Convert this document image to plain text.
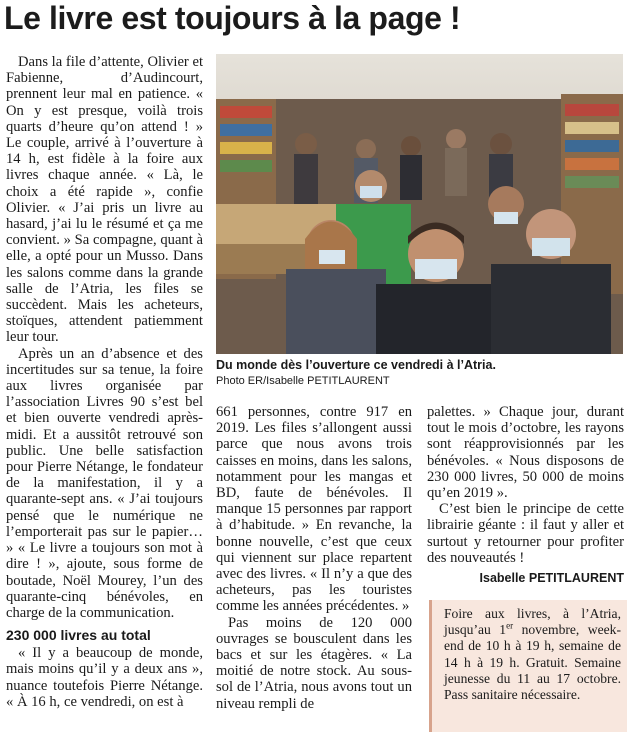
Le livre est toujours à la page !

Dans la file d’attente, Olivier et Fabienne, d’Audincourt, prennent leur mal en patience. « On y est presque, voilà trois quarts d’heure qu’on attend ! » Le couple, arrivé à l’ouverture à 14 h, est fidèle à la foire aux livres chaque année. « Là, le choix a été rapide », confie Olivier. « J’ai pris un livre au hasard, j’ai lu le résumé et ça me convient. » Sa compagne, quant à elle, a opté pour un Musso. Dans les salons comme dans la grande salle de l’Atria, les files se succèdent. Mais les acheteurs, stoïques, attendent patiemment leur tour.

Après un an d’absence et des incertitudes sur sa tenue, la foire aux livres organisée par l’association Livres 90 s’est bel et bien ouverte vendredi après-midi. Et a aussitôt retrouvé son public. Une belle satisfaction pour Pierre Nétange, le fondateur de la manifestation, il y a quarante-sept ans. « J’ai toujours pensé que le numérique ne l’emporterait pas sur le papier… » « Le livre a toujours son mot à dire ! », ajoute, sous forme de boutade, Noël Mourey, l’un des quarante-cinq bénévoles, en charge de la communication.

230 000 livres au total

« Il y a beaucoup de monde, mais moins qu’il y a deux ans », nuance toutefois Pierre Nétange. « À 16 h, ce vendredi, on est à

Du monde dès l’ouverture ce vendredi à l’Atria.
Photo ER/Isabelle PETITLAURENT

661 personnes, contre 917 en 2019. Les files s’allongent aussi parce que nous avons trois caisses en moins, dans les salons, notamment pour les mangas et BD, faute de bénévoles. Il manque 15 personnes par rapport à d’habitude. » En revanche, la bonne nouvelle, c’est que ceux qui viennent sur place repartent avec des livres. « Il n’y a que des acheteurs, pas les touristes comme les années précédentes. »

Pas moins de 120 000 ouvrages se bousculent dans les bacs et sur les étagères. « La moitié de notre stock. Au sous-sol de l’Atria, nous avons tout un niveau rempli de

palettes. » Chaque jour, durant tout le mois d’octobre, les rayons sont réapprovisionnés par les bénévoles. « Nous disposons de 230 000 livres, 50 000 de moins qu’en 2019 ».

C’est bien le principe de cette librairie géante : il faut y aller et surtout y retourner pour profiter des nouveautés !

Isabelle PETITLAURENT
Foire aux livres, à l’Atria, jusqu’au 1er novembre, week-end de 10 h à 19 h, semaine de 14 h à 19 h. Gratuit. Semaine jeunesse du 11 au 17 octobre. Pass sanitaire nécessaire.
